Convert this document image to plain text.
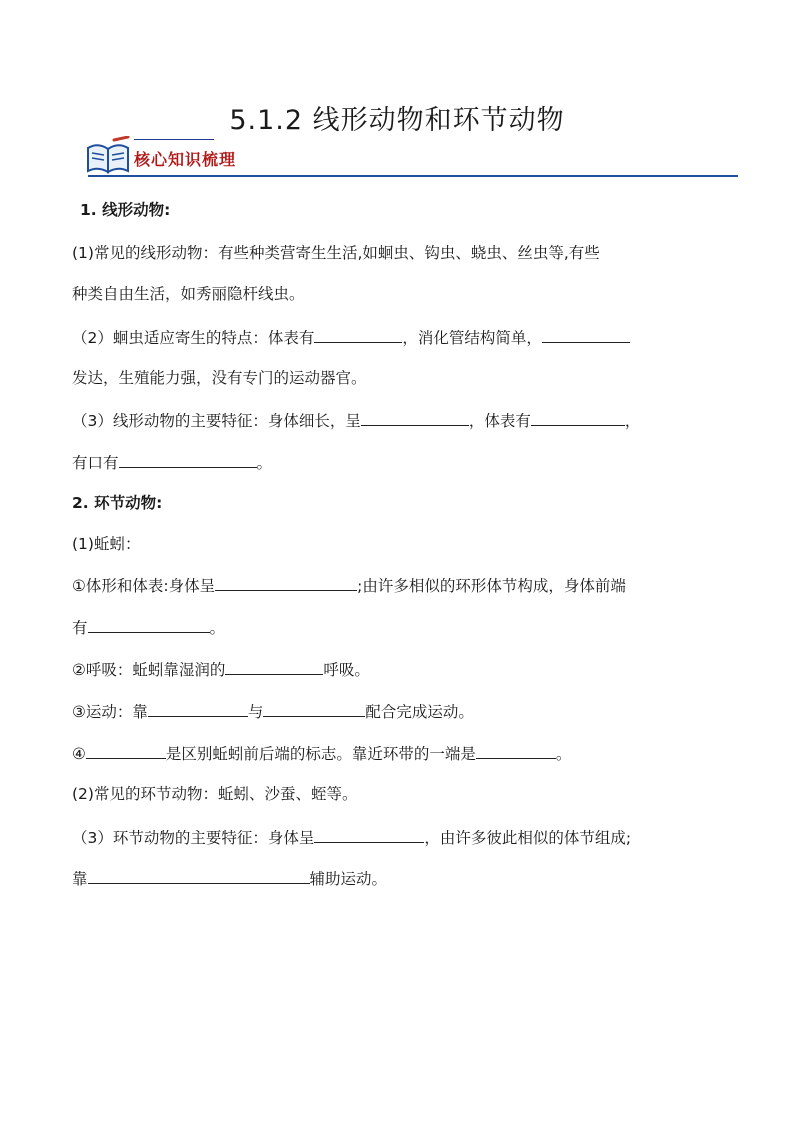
5.1.2 线形动物和环节动物
核心知识梳理
1. 线形动物:
(1)常见的线形动物：有些种类营寄生生活,如蛔虫、钩虫、蛲虫、丝虫等,有些
种类自由生活，如秀丽隐杆线虫。
（2）蛔虫适应寄生的特点：体表有	，消化管结构简单，
发达，生殖能力强，没有专门的运动器官。
（3）线形动物的主要特征：身体细长，呈	，体表有	，
有口有	。
2. 环节动物:
(1)蚯蚓：
①体形和体表:身体呈	;由许多相似的环形体节构成，身体前端
有	。
②呼吸：蚯蚓靠湿润的	呼吸。
③运动：靠	与	配合完成运动。
④	是区别蚯蚓前后端的标志。靠近环带的一端是	。
(2)常见的环节动物：蚯蚓、沙蚕、蛭等。
（3）环节动物的主要特征：身体呈	，由许多彼此相似的体节组成;
靠	辅助运动。
